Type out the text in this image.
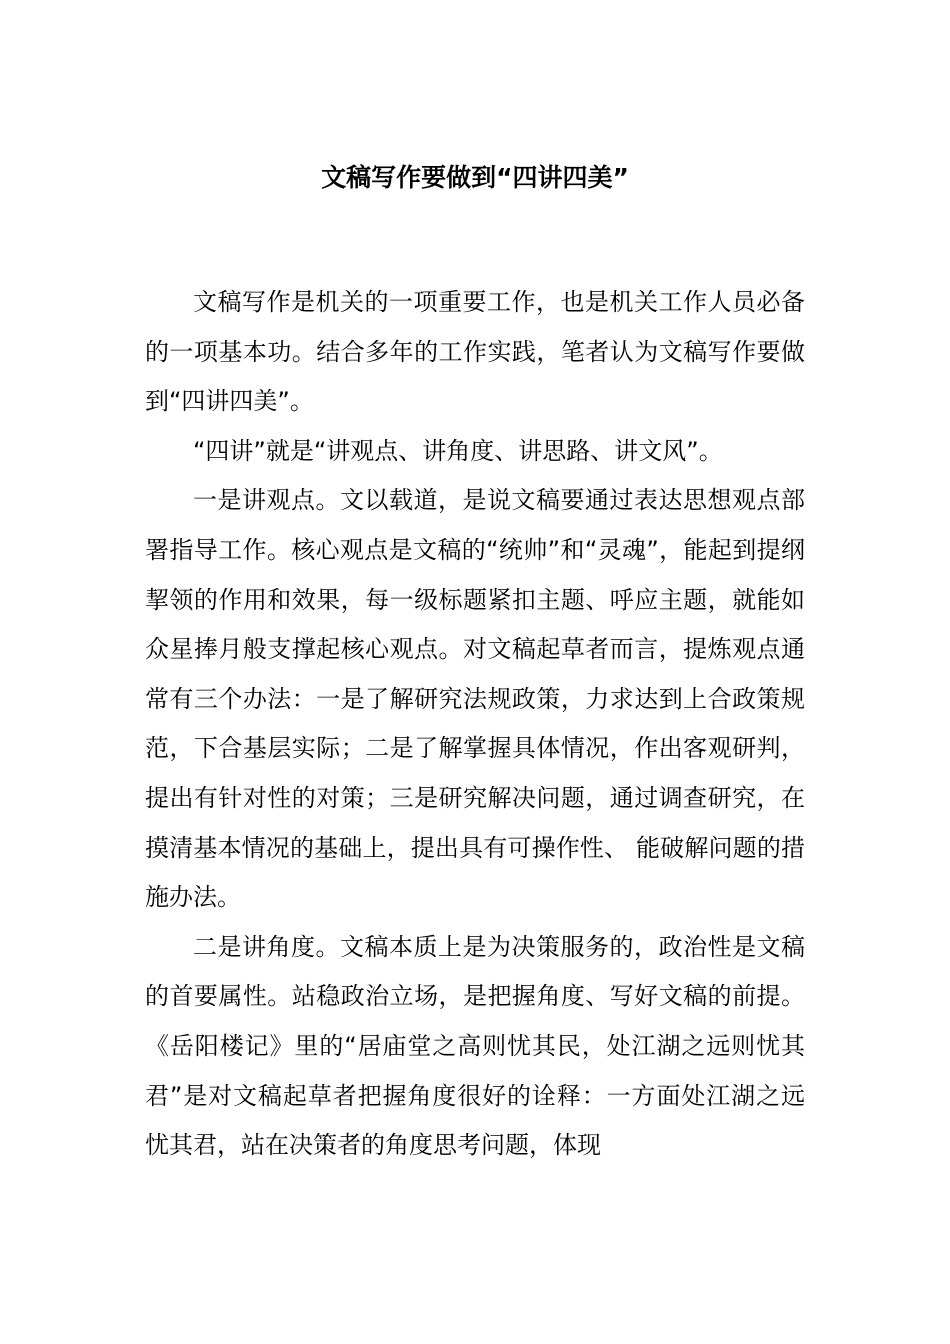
文稿写作要做到“四讲四美”

文稿写作是机关的一项重要工作，也是机关工作人员必备的一项基本功。结合多年的工作实践，笔者认为文稿写作要做到“四讲四美”。

“四讲”就是“讲观点、讲角度、讲思路、讲文风”。

一是讲观点。文以载道，是说文稿要通过表达思想观点部署指导工作。核心观点是文稿的“统帅”和“灵魂”，能起到提纲挈领的作用和效果，每一级标题紧扣主题、呼应主题，就能如众星捧月般支撑起核心观点。对文稿起草者而言，提炼观点通常有三个办法：一是了解研究法规政策，力求达到上合政策规范，下合基层实际；二是了解掌握具体情况，作出客观研判，提出有针对性的对策；三是研究解决问题，通过调查研究，在摸清基本情况的基础上，提出具有可操作性、 能破解问题的措施办法。

二是讲角度。文稿本质上是为决策服务的，政治性是文稿的首要属性。站稳政治立场，是把握角度、写好文稿的前提。《岳阳楼记》里的“居庙堂之高则忧其民，处江湖之远则忧其君”是对文稿起草者把握角度很好的诠释：一方面处江湖之远忧其君，站在决策者的角度思考问题，体现
